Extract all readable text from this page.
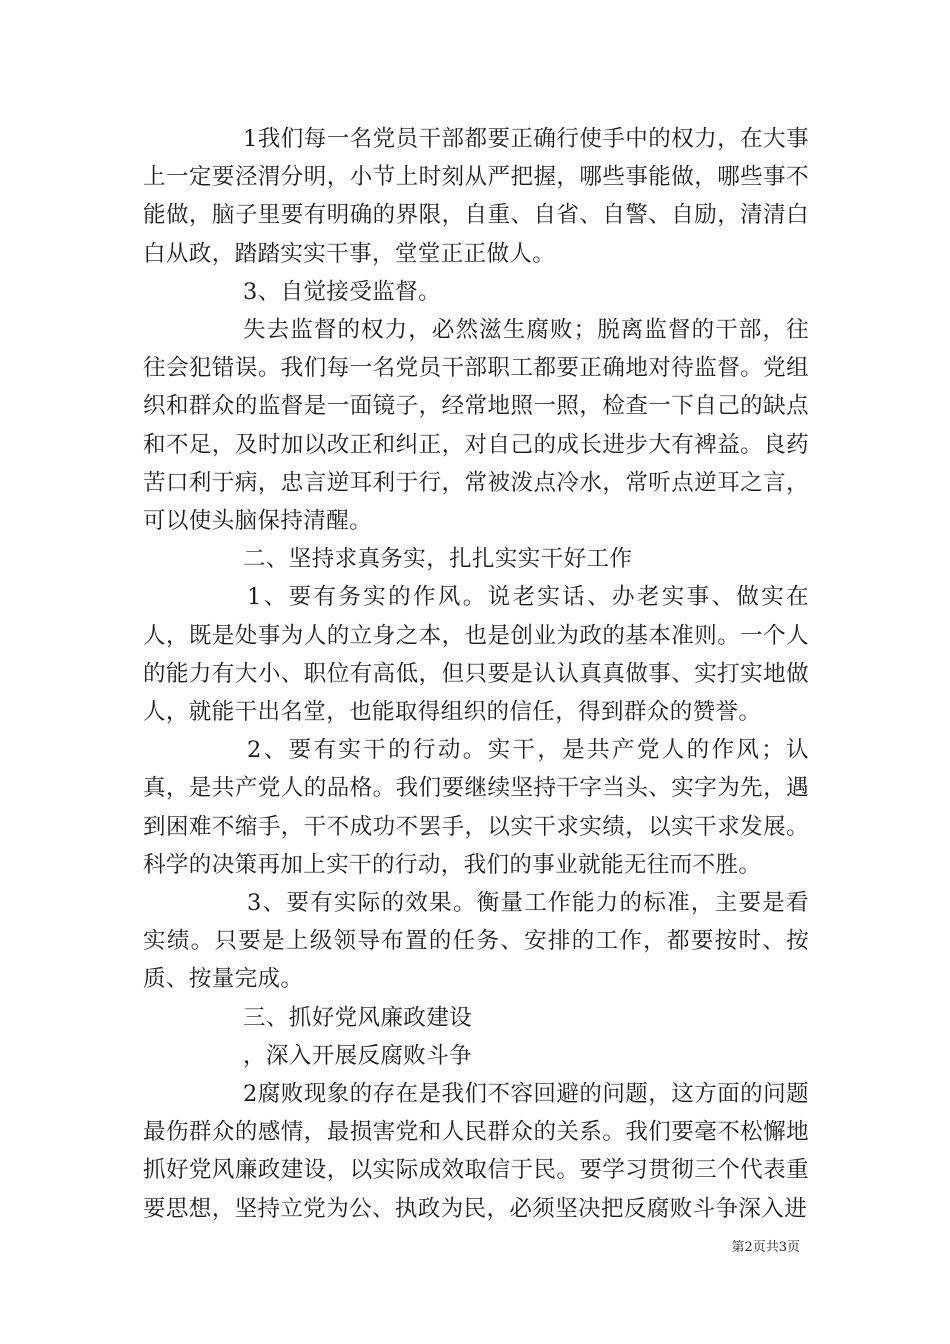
1我们每一名党员干部都要正确行使手中的权力，在大事上一定要泾渭分明，小节上时刻从严把握，哪些事能做，哪些事不能做，脑子里要有明确的界限，自重、自省、自警、自励，清清白白从政，踏踏实实干事，堂堂正正做人。

3、自觉接受监督。

失去监督的权力，必然滋生腐败；脱离监督的干部，往往会犯错误。我们每一名党员干部职工都要正确地对待监督。党组织和群众的监督是一面镜子，经常地照一照，检查一下自己的缺点和不足，及时加以改正和纠正，对自己的成长进步大有裨益。良药苦口利于病，忠言逆耳利于行，常被泼点冷水，常听点逆耳之言，可以使头脑保持清醒。

二、坚持求真务实，扎扎实实干好工作

1、要有务实的作风。说老实话、办老实事、做实在人，既是处事为人的立身之本，也是创业为政的基本准则。一个人的能力有大小、职位有高低，但只要是认认真真做事、实打实地做人，就能干出名堂，也能取得组织的信任，得到群众的赞誉。

2、要有实干的行动。实干，是共产党人的作风；认真，是共产党人的品格。我们要继续坚持干字当头、实字为先，遇到困难不缩手，干不成功不罢手，以实干求实绩，以实干求发展。科学的决策再加上实干的行动，我们的事业就能无往而不胜。

3、要有实际的效果。衡量工作能力的标准，主要是看实绩。只要是上级领导布置的任务、安排的工作，都要按时、按质、按量完成。

三、抓好党风廉政建设

，深入开展反腐败斗争

2腐败现象的存在是我们不容回避的问题，这方面的问题最伤群众的感情，最损害党和人民群众的关系。我们要毫不松懈地抓好党风廉政建设，以实际成效取信于民。要学习贯彻三个代表重要思想，坚持立党为公、执政为民，必须坚决把反腐败斗争深入进

第2页共3页
